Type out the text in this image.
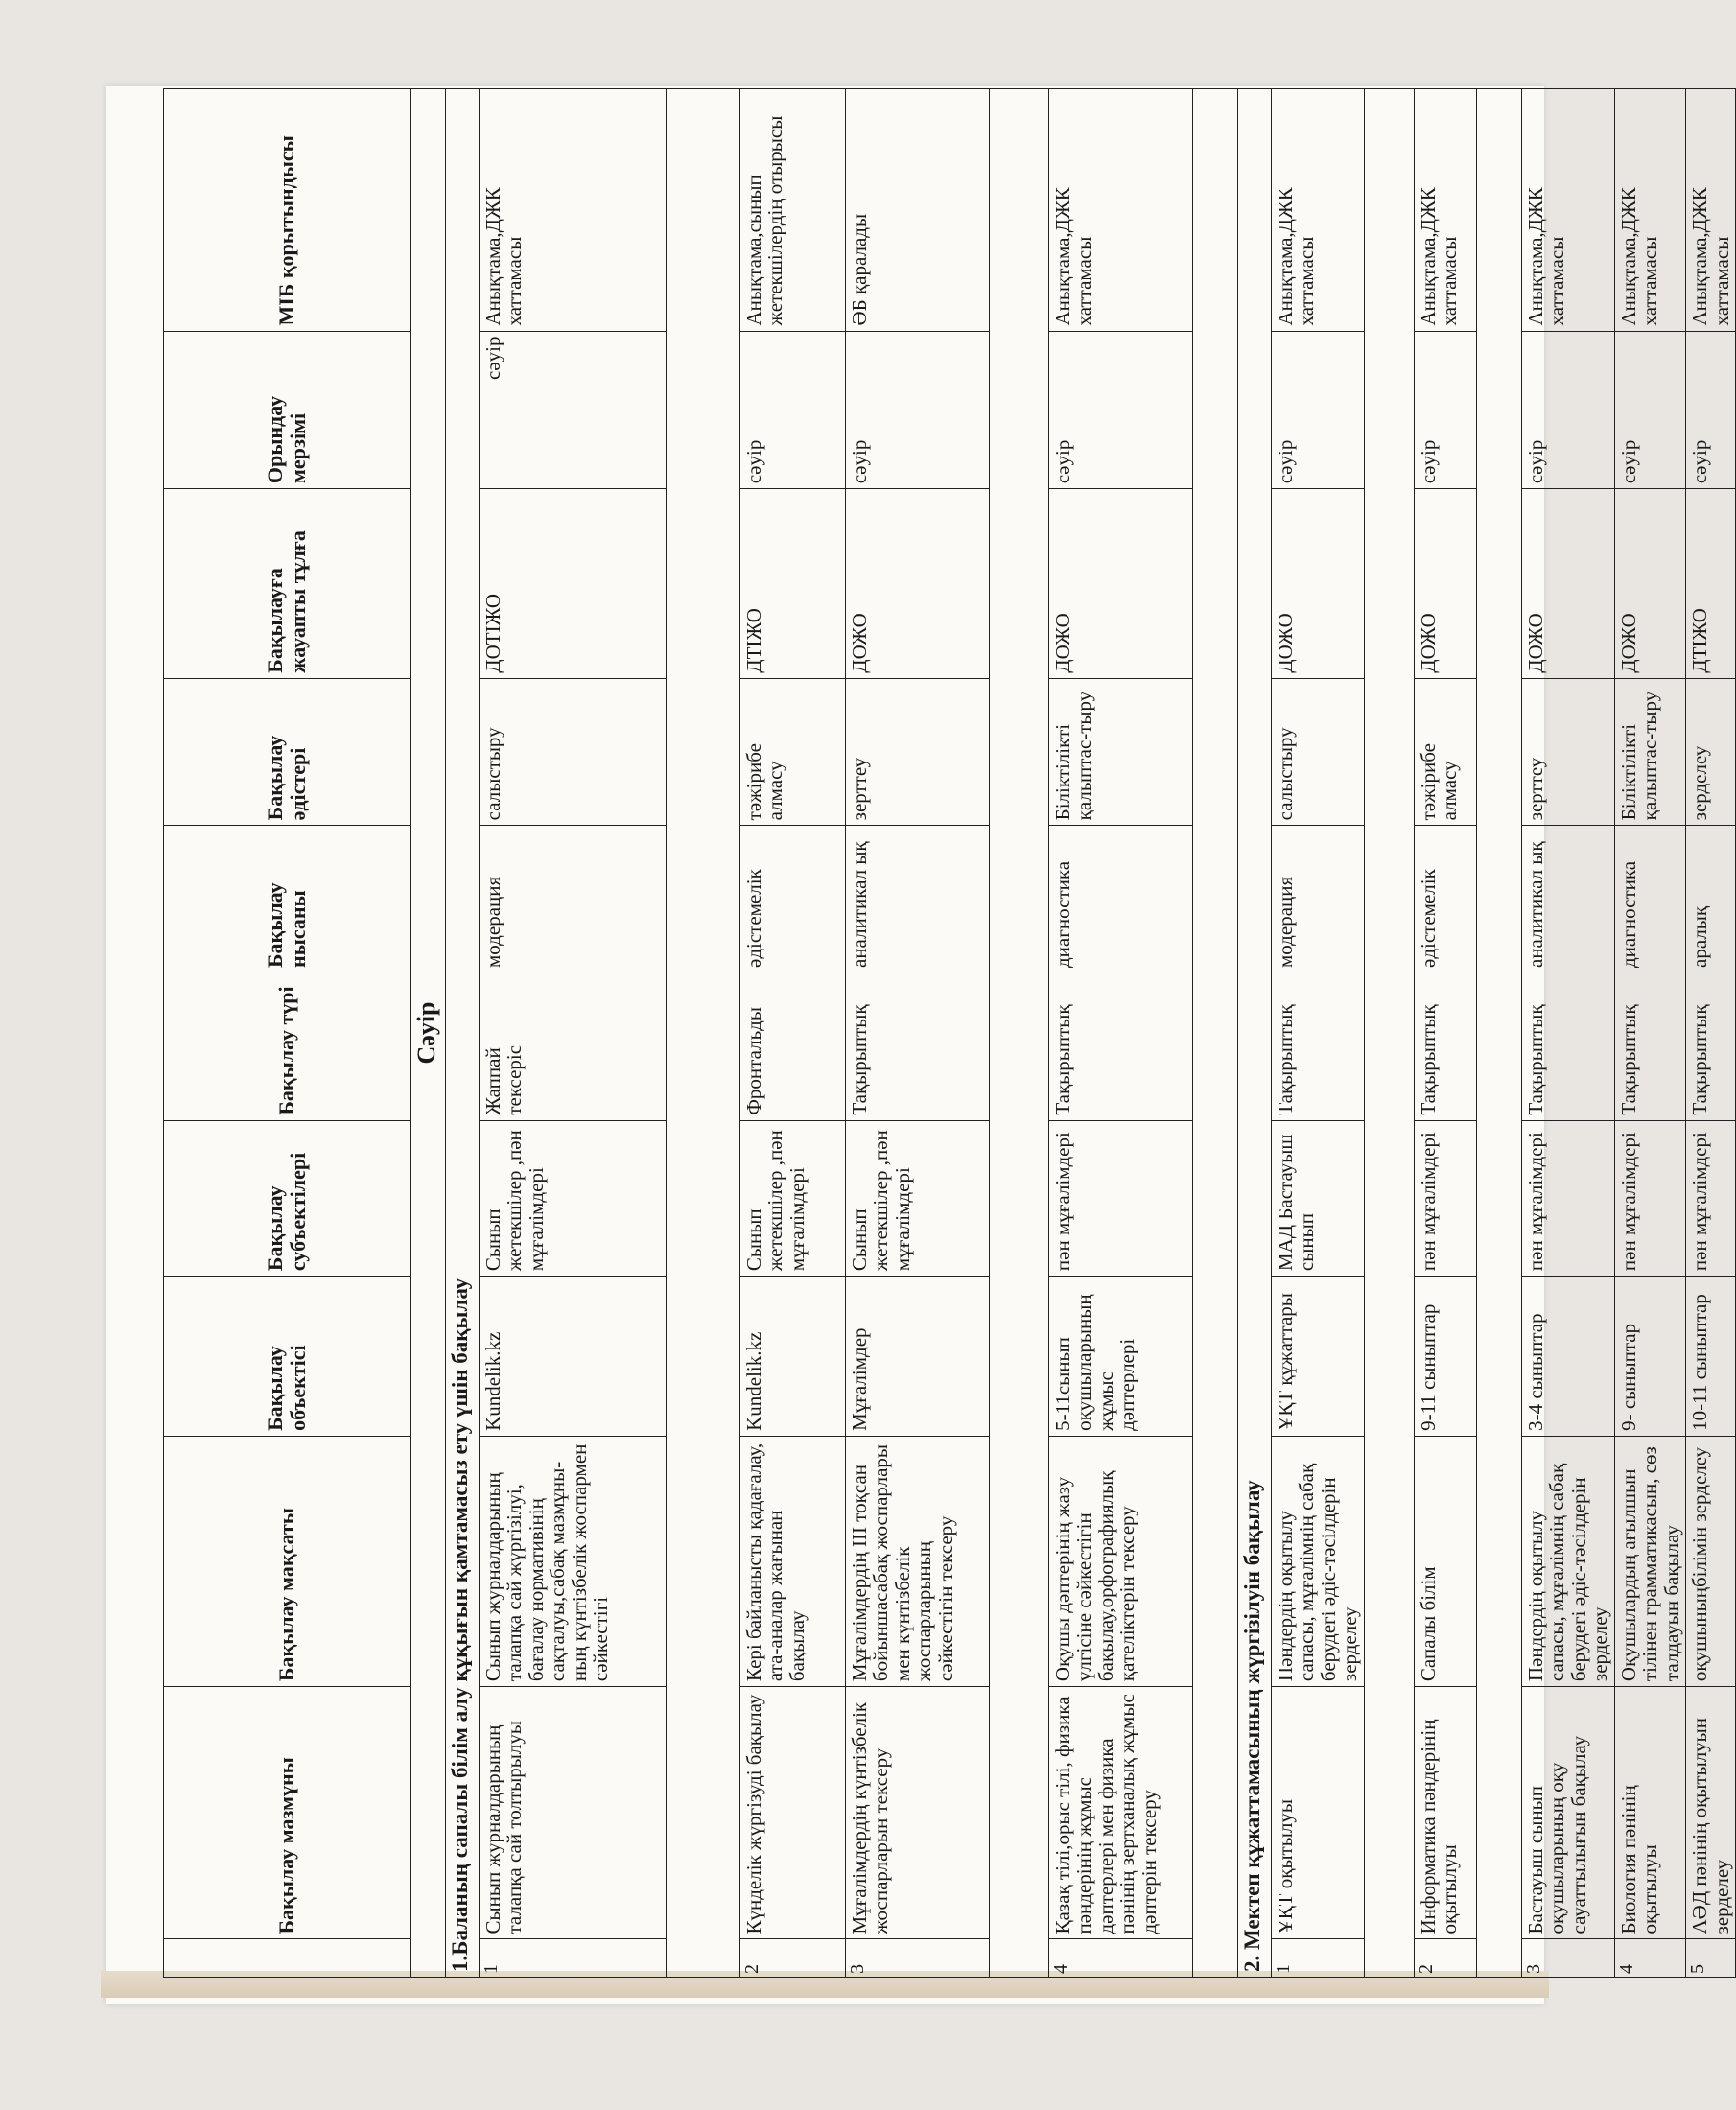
	Бақылау мазмұны	Бақылау мақсаты	Бақылау объектісі	Бақылау субъектілері	Бақылау түрі	Бақылау нысаны	Бақылау әдістері	Бақылауға жауапты тұлға	Орындау мерзімі	МІБ қорытындысы
Сәуір										
1.Баланың сапалы білім алу құқығын қамтамасыз ету үшін бақылау										
1	Сынып журналдарының талапқа сай толтырылуы	Сынып журналдарының талапқа сай жүргізілуі, бағалау нормативінің сақталуы,сабақ мазмұны-ның күнтізбелік жоспармен сәйкестігі	Kundelik.kz	Сынып жетекшілер ,пән мұғалімдері	Жаппай тексеріс	модерация	салыстыру	ДОТІЖО	сәуір	Анықтама,ДЖК хаттамасы

2	Күнделік жүргізуді бақылау	Кері байланысты қадағалау, ата-аналар жағынан бақылау	Kundelik.kz	Сынып жетекшілер ,пән мұғалімдері	Фронтальды	әдістемелік	тәжірибе алмасу	ДТІЖО	сәуір	Анықтама,сынып жетекшілердің отырысы
3	Мұғалімдердің күнтізбелік жоспарларын тексеру	Мұғалімдердің ІІІ тоқсан бойыншасабақ жоспарлары мен күнтізбелік жоспарларының сәйкестігін тексеру	Мұғалімдер	Сынып жетекшілер ,пән мұғалімдері	Тақырыптық	аналитикал ық	зерттеу	ДОЖО	сәуір	ӘБ қаралады

4	Қазақ тілі,орыс тілі, физика пәндерінің жұмыс дәптерлері мен физика пәнінің зертханалық жұмыс дәптерін тексеру	Оқушы дәптерінің жазу үлгісіне сәйкестігін бақылау,орфографиялық қателіктерін тексеру	5-11сынып оқушыларының жұмыс дәптерлері	пән мұғалімдері	Тақырыптық	диагностика	Біліктілікті қалыптас-тыру	ДОЖО	сәуір	Анықтама,ДЖК хаттамасы

2. Мектеп құжаттамасының жүргізілуін бақылау										
1	ҰҚТ оқытылуы	Пәндердің оқытылу сапасы, мұғалімнің сабақ берудегі әдіс-тәсілдерін зерделеу	ҰҚТ құжаттары	МАД Бастауыш сынып	Тақырыптық	модерация	салыстыру	ДОЖО	сәуір	Анықтама,ДЖК хаттамасы

2	Информатика пәндерінің оқытылуы	Сапалы білім	9-11 сыныптар	пән мұғалімдері	Тақырыптық	әдістемелік	тәжірибе алмасу	ДОЖО	сәуір	Анықтама,ДЖК хаттамасы

3	Бастауыш сынып оқушыларының оқу сауаттылығын бақылау	Пәндердің оқытылу сапасы, мұғалімнің сабақ берудегі әдіс-тәсілдерін зерделеу	3-4 сыныптар	пән мұғалімдері	Тақырыптық	аналитикал ық	зерттеу	ДОЖО	сәуір	Анықтама,ДЖК хаттамасы
4	Биология пәнінің оқытылуы	Оқушылардың ағылшын тілінен грамматикасын, сөз талдауын бақылау	9- сыныптар	пән мұғалімдері	Тақырыптық	диагностика	Біліктілікті қалыптас-тыру	ДОЖО	сәуір	Анықтама,ДЖК хаттамасы
5	АӘД пәнінің оқытылуын зерделеу	оқушыныңбілімін зерделеу	10-11 сыныптар	пән мұғалімдері	Тақырыптық	аралық	зерделеу	ДТІЖО	сәуір	Анықтама,ДЖК хаттамасы
